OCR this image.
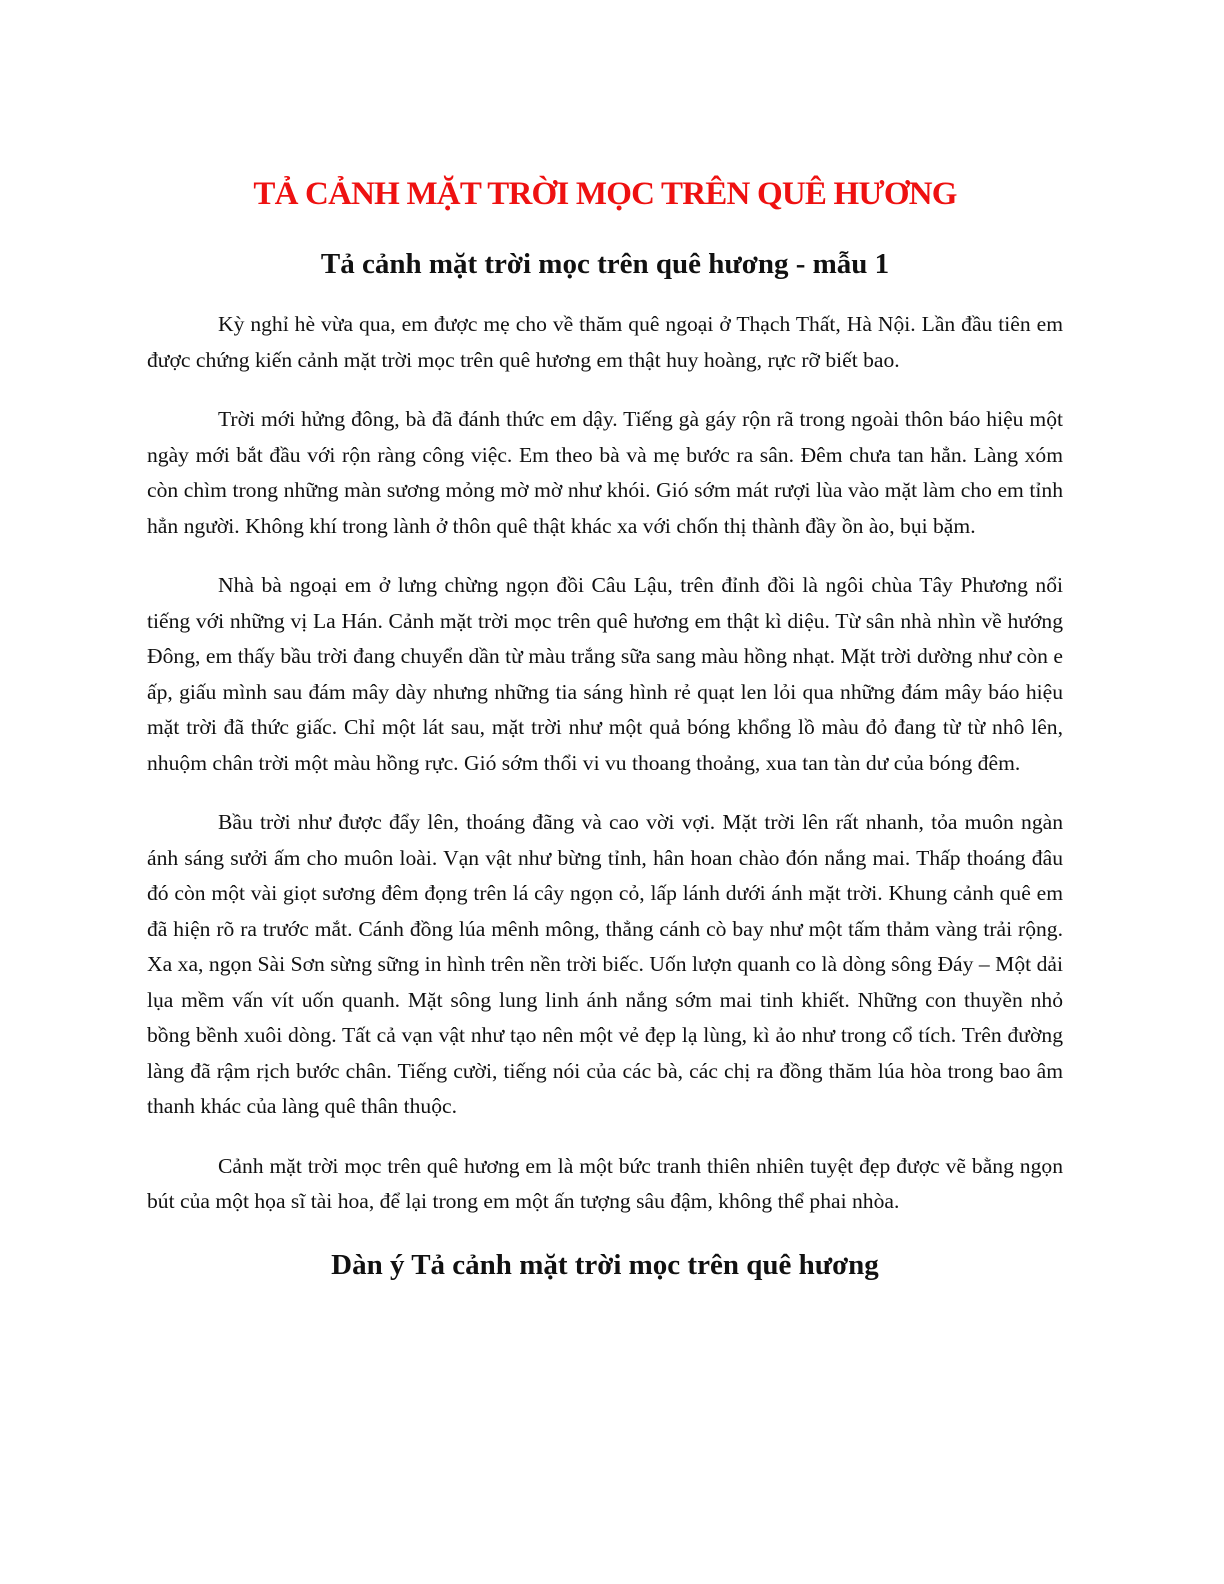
TẢ CẢNH MẶT TRỜI MỌC TRÊN QUÊ HƯƠNG
Tả cảnh mặt trời mọc trên quê hương - mẫu 1

Kỳ nghỉ hè vừa qua, em được mẹ cho về thăm quê ngoại ở Thạch Thất, Hà Nội. Lần đầu tiên em được chứng kiến cảnh mặt trời mọc trên quê hương em thật huy hoàng, rực rỡ biết bao.

Trời mới hửng đông, bà đã đánh thức em dậy. Tiếng gà gáy rộn rã trong ngoài thôn báo hiệu một ngày mới bắt đầu với rộn ràng công việc. Em theo bà và mẹ bước ra sân. Đêm chưa tan hẳn. Làng xóm còn chìm trong những màn sương mỏng mờ mờ như khói. Gió sớm mát rượi lùa vào mặt làm cho em tỉnh hẳn người. Không khí trong lành ở thôn quê thật khác xa với chốn thị thành đầy ồn ào, bụi bặm.

Nhà bà ngoại em ở lưng chừng ngọn đồi Câu Lậu, trên đỉnh đồi là ngôi chùa Tây Phương nổi tiếng với những vị La Hán. Cảnh mặt trời mọc trên quê hương em thật kì diệu. Từ sân nhà nhìn về hướng Đông, em thấy bầu trời đang chuyển dần từ màu trắng sữa sang màu hồng nhạt. Mặt trời dường như còn e ấp, giấu mình sau đám mây dày nhưng những tia sáng hình rẻ quạt len lỏi qua những đám mây báo hiệu mặt trời đã thức giấc. Chỉ một lát sau, mặt trời như một quả bóng khổng lồ màu đỏ đang từ từ nhô lên, nhuộm chân trời một màu hồng rực. Gió sớm thổi vi vu thoang thoảng, xua tan tàn dư của bóng đêm.

Bầu trời như được đẩy lên, thoáng đãng và cao vời vợi. Mặt trời lên rất nhanh, tỏa muôn ngàn ánh sáng sưởi ấm cho muôn loài. Vạn vật như bừng tỉnh, hân hoan chào đón nắng mai. Thấp thoáng đâu đó còn một vài giọt sương đêm đọng trên lá cây ngọn cỏ, lấp lánh dưới ánh mặt trời. Khung cảnh quê em đã hiện rõ ra trước mắt. Cánh đồng lúa mênh mông, thẳng cánh cò bay như một tấm thảm vàng trải rộng. Xa xa, ngọn Sài Sơn sừng sững in hình trên nền trời biếc. Uốn lượn quanh co là dòng sông Đáy – Một dải lụa mềm vấn vít uốn quanh. Mặt sông lung linh ánh nắng sớm mai tinh khiết. Những con thuyền nhỏ bồng bềnh xuôi dòng. Tất cả vạn vật như tạo nên một vẻ đẹp lạ lùng, kì ảo như trong cổ tích. Trên đường làng đã rậm rịch bước chân. Tiếng cười, tiếng nói của các bà, các chị ra đồng thăm lúa hòa trong bao âm thanh khác của làng quê thân thuộc.

Cảnh mặt trời mọc trên quê hương em là một bức tranh thiên nhiên tuyệt đẹp được vẽ bằng ngọn bút của một họa sĩ tài hoa, để lại trong em một ấn tượng sâu đậm, không thể phai nhòa.

Dàn ý Tả cảnh mặt trời mọc trên quê hương
